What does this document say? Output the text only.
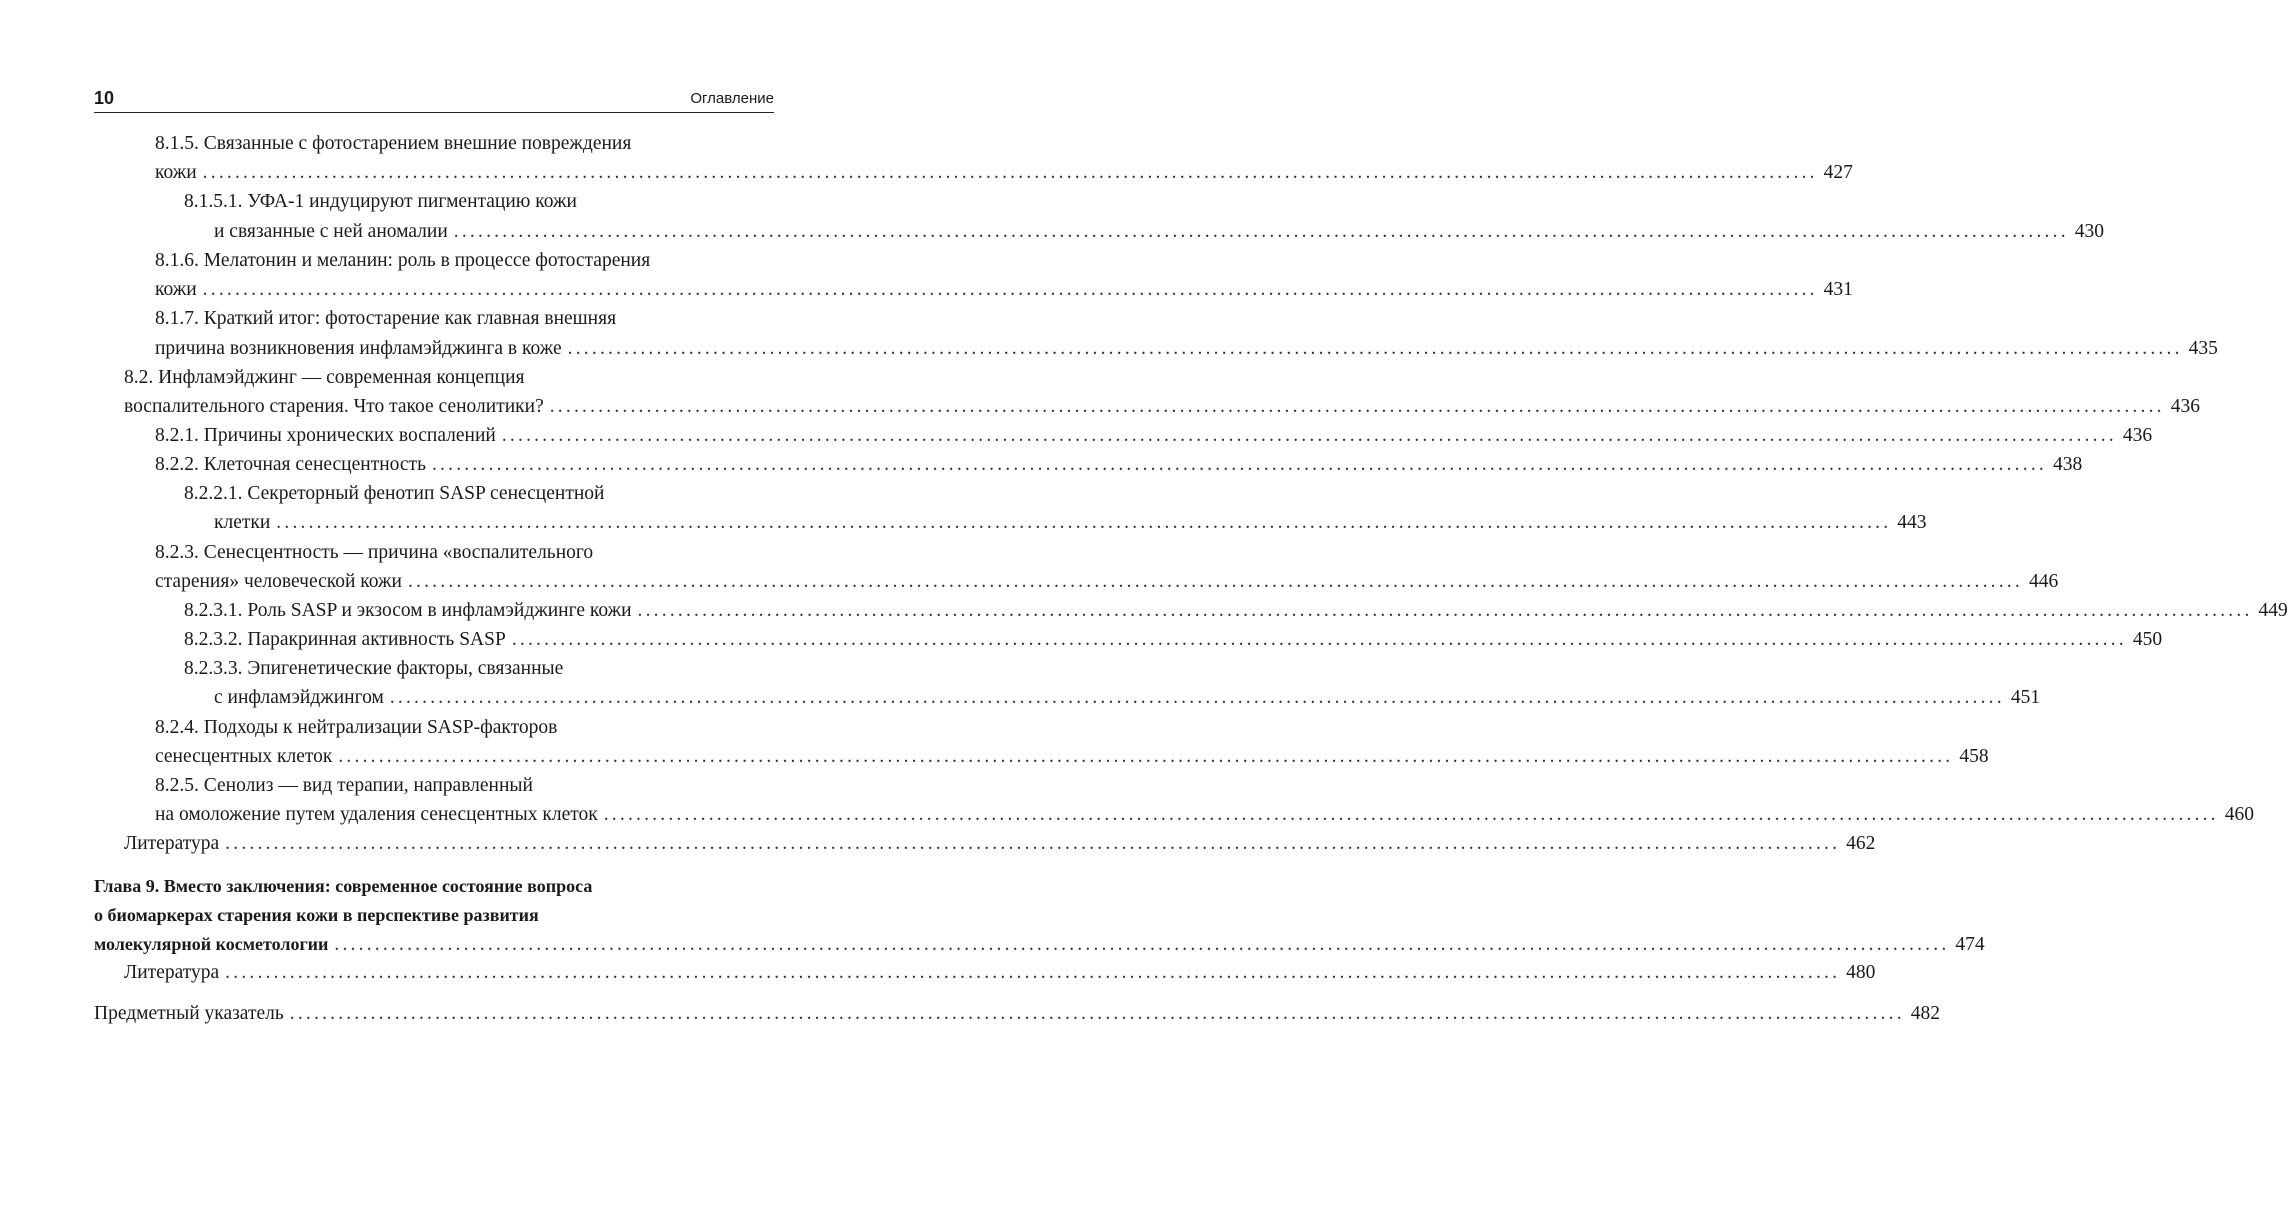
10	Оглавление
8.1.5. Связанные с фотостарением внешние повреждения
кожи ........................................................................................................................................................................................................ 427
8.1.5.1. УФА-1 индуцируют пигментацию кожи
и связанные с ней аномалии ........................................................................................................................................................................................................ 430
8.1.6. Мелатонин и меланин: роль в процессе фотостарения
кожи ........................................................................................................................................................................................................ 431
8.1.7. Краткий итог: фотостарение как главная внешняя
причина возникновения инфламэйджинга в коже ........................................................................................................................................................................................................ 435
8.2. Инфламэйджинг — современная концепция
воспалительного старения. Что такое сенолитики? ........................................................................................................................................................................................................ 436
8.2.1. Причины хронических воспалений ........................................................................................................................................................................................................ 436
8.2.2. Клеточная сенесцентность ........................................................................................................................................................................................................ 438
8.2.2.1. Секреторный фенотип SASP сенесцентной
клетки ........................................................................................................................................................................................................ 443
8.2.3. Сенесцентность — причина «воспалительного
старения» человеческой кожи ........................................................................................................................................................................................................ 446
8.2.3.1. Роль SASP и экзосом в инфламэйджинге кожи ........................................................................................................................................................................................................ 449
8.2.3.2. Паракринная активность SASP ........................................................................................................................................................................................................ 450
8.2.3.3. Эпигенетические факторы, связанные
с инфламэйджингом ........................................................................................................................................................................................................ 451
8.2.4. Подходы к нейтрализации SASP-факторов
сенесцентных клеток ........................................................................................................................................................................................................ 458
8.2.5. Сенолиз — вид терапии, направленный
на омоложение путем удаления сенесцентных клеток ........................................................................................................................................................................................................ 460
Литература ........................................................................................................................................................................................................ 462
Глава 9. Вместо заключения: современное состояние вопроса
о биомаркерах старения кожи в перспективе развития
молекулярной косметологии ........................................................................................................................................................................................................ 474
Литература ........................................................................................................................................................................................................ 480
Предметный указатель ........................................................................................................................................................................................................ 482
